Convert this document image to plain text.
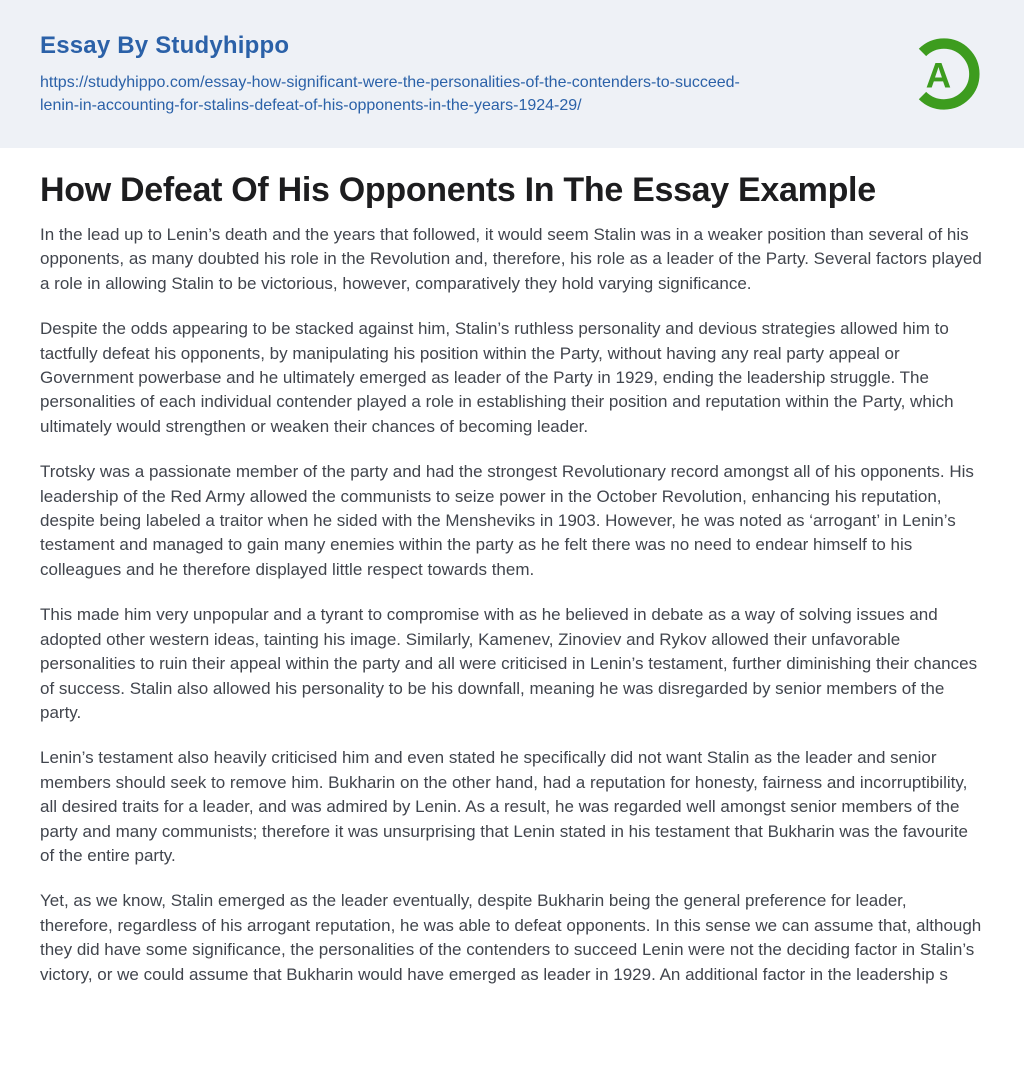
Essay By Studyhippo
https://studyhippo.com/essay-how-significant-were-the-personalities-of-the-contenders-to-succeed-lenin-in-accounting-for-stalins-defeat-of-his-opponents-in-the-years-1924-29/
A
How Defeat Of His Opponents In The Essay Example

In the lead up to Lenin’s death and the years that followed, it would seem Stalin was in a weaker position than several of his opponents, as many doubted his role in the Revolution and, therefore, his role as a leader of the Party. Several factors played a role in allowing Stalin to be victorious, however, comparatively they hold varying significance.

Despite the odds appearing to be stacked against him, Stalin’s ruthless personality and devious strategies allowed him to tactfully defeat his opponents, by manipulating his position within the Party, without having any real party appeal or Government powerbase and he ultimately emerged as leader of the Party in 1929, ending the leadership struggle. The personalities of each individual contender played a role in establishing their position and reputation within the Party, which ultimately would strengthen or weaken their chances of becoming leader.

Trotsky was a passionate member of the party and had the strongest Revolutionary record amongst all of his opponents. His leadership of the Red Army allowed the communists to seize power in the October Revolution, enhancing his reputation, despite being labeled a traitor when he sided with the Mensheviks in 1903. However, he was noted as ‘arrogant’ in Lenin’s testament and managed to gain many enemies within the party as he felt there was no need to endear himself to his colleagues and he therefore displayed little respect towards them.

This made him very unpopular and a tyrant to compromise with as he believed in debate as a way of solving issues and adopted other western ideas, tainting his image. Similarly, Kamenev, Zinoviev and Rykov allowed their unfavorable personalities to ruin their appeal within the party and all were criticised in Lenin’s testament, further diminishing their chances of success. Stalin also allowed his personality to be his downfall, meaning he was disregarded by senior members of the party.

Lenin’s testament also heavily criticised him and even stated he specifically did not want Stalin as the leader and senior members should seek to remove him. Bukharin on the other hand, had a reputation for honesty, fairness and incorruptibility, all desired traits for a leader, and was admired by Lenin. As a result, he was regarded well amongst senior members of the party and many communists; therefore it was unsurprising that Lenin stated in his testament that Bukharin was the favourite of the entire party.

Yet, as we know, Stalin emerged as the leader eventually, despite Bukharin being the general preference for leader, therefore, regardless of his arrogant reputation, he was able to defeat opponents. In this sense we can assume that, although they did have some significance, the personalities of the contenders to succeed Lenin were not the deciding factor in Stalin’s victory, or we could assume that Bukharin would have emerged as leader in 1929. An additional factor in the leadership s
